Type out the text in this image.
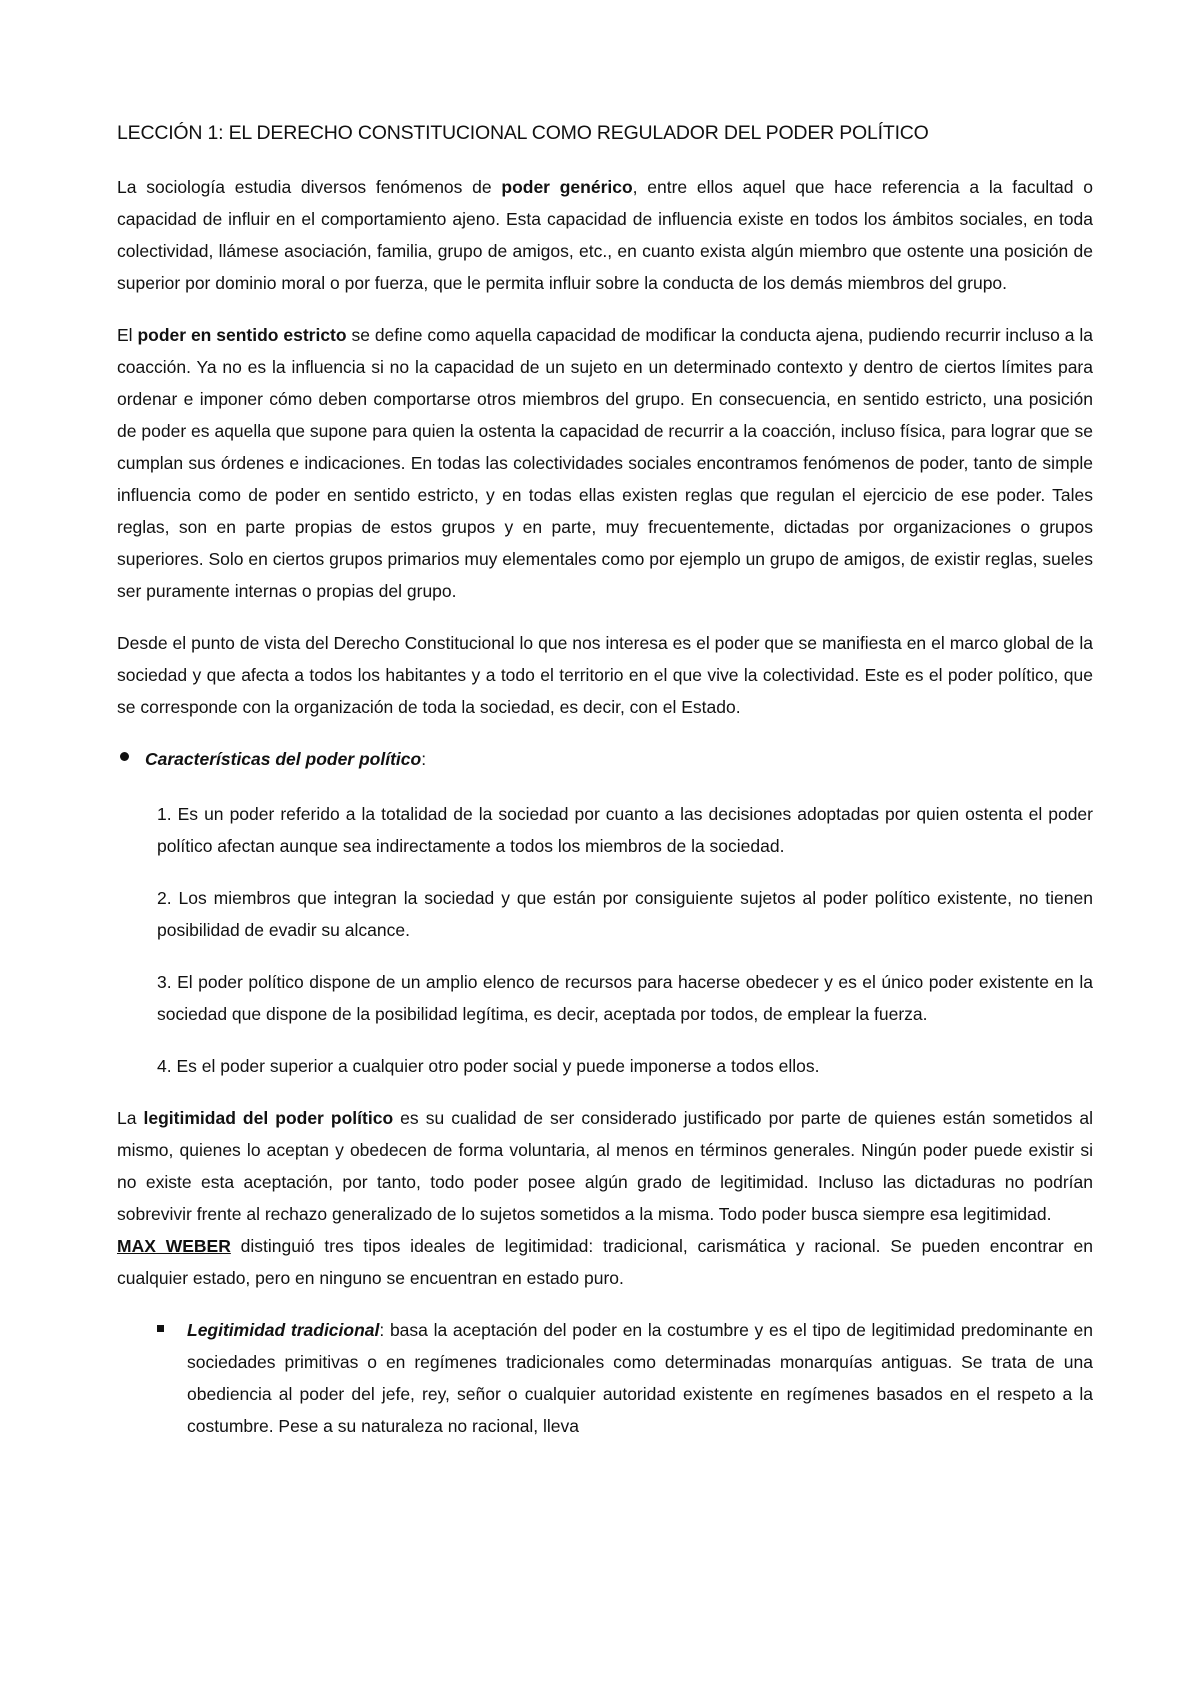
LECCIÓN 1: EL DERECHO CONSTITUCIONAL COMO REGULADOR DEL PODER POLÍTICO

La sociología estudia diversos fenómenos de poder genérico, entre ellos aquel que hace referencia a la facultad o capacidad de influir en el comportamiento ajeno. Esta capacidad de influencia existe en todos los ámbitos sociales, en toda colectividad, llámese asociación, familia, grupo de amigos, etc., en cuanto exista algún miembro que ostente una posición de superior por dominio moral o por fuerza, que le permita influir sobre la conducta de los demás miembros del grupo.

El poder en sentido estricto se define como aquella capacidad de modificar la conducta ajena, pudiendo recurrir incluso a la coacción. Ya no es la influencia si no la capacidad de un sujeto en un determinado contexto y dentro de ciertos límites para ordenar e imponer cómo deben comportarse otros miembros del grupo. En consecuencia, en sentido estricto, una posición de poder es aquella que supone para quien la ostenta la capacidad de recurrir a la coacción, incluso física, para lograr que se cumplan sus órdenes e indicaciones. En todas las colectividades sociales encontramos fenómenos de poder, tanto de simple influencia como de poder en sentido estricto, y en todas ellas existen reglas que regulan el ejercicio de ese poder. Tales reglas, son en parte propias de estos grupos y en parte, muy frecuentemente, dictadas por organizaciones o grupos superiores. Solo en ciertos grupos primarios muy elementales como por ejemplo un grupo de amigos, de existir reglas, sueles ser puramente internas o propias del grupo.

Desde el punto de vista del Derecho Constitucional lo que nos interesa es el poder que se manifiesta en el marco global de la sociedad y que afecta a todos los habitantes y a todo el territorio en el que vive la colectividad. Este es el poder político, que se corresponde con la organización de toda la sociedad, es decir, con el Estado.

Características del poder político:

1. Es un poder referido a la totalidad de la sociedad por cuanto a las decisiones adoptadas por quien ostenta el poder político afectan aunque sea indirectamente a todos los miembros de la sociedad.

2. Los miembros que integran la sociedad y que están por consiguiente sujetos al poder político existente, no tienen posibilidad de evadir su alcance.

3. El poder político dispone de un amplio elenco de recursos para hacerse obedecer y es el único poder existente en la sociedad que dispone de la posibilidad legítima, es decir, aceptada por todos, de emplear la fuerza.

4. Es el poder superior a cualquier otro poder social y puede imponerse a todos ellos.

La legitimidad del poder político es su cualidad de ser considerado justificado por parte de quienes están sometidos al mismo, quienes lo aceptan y obedecen de forma voluntaria, al menos en términos generales. Ningún poder puede existir si no existe esta aceptación, por tanto, todo poder posee algún grado de legitimidad. Incluso las dictaduras no podrían sobrevivir frente al rechazo generalizado de lo sujetos sometidos a la misma. Todo poder busca siempre esa legitimidad.

MAX WEBER distinguió tres tipos ideales de legitimidad: tradicional, carismática y racional. Se pueden encontrar en cualquier estado, pero en ninguno se encuentran en estado puro.

Legitimidad tradicional: basa la aceptación del poder en la costumbre y es el tipo de legitimidad predominante en sociedades primitivas o en regímenes tradicionales como determinadas monarquías antiguas. Se trata de una obediencia al poder del jefe, rey, señor o cualquier autoridad existente en regímenes basados en el respeto a la costumbre. Pese a su naturaleza no racional, lleva
